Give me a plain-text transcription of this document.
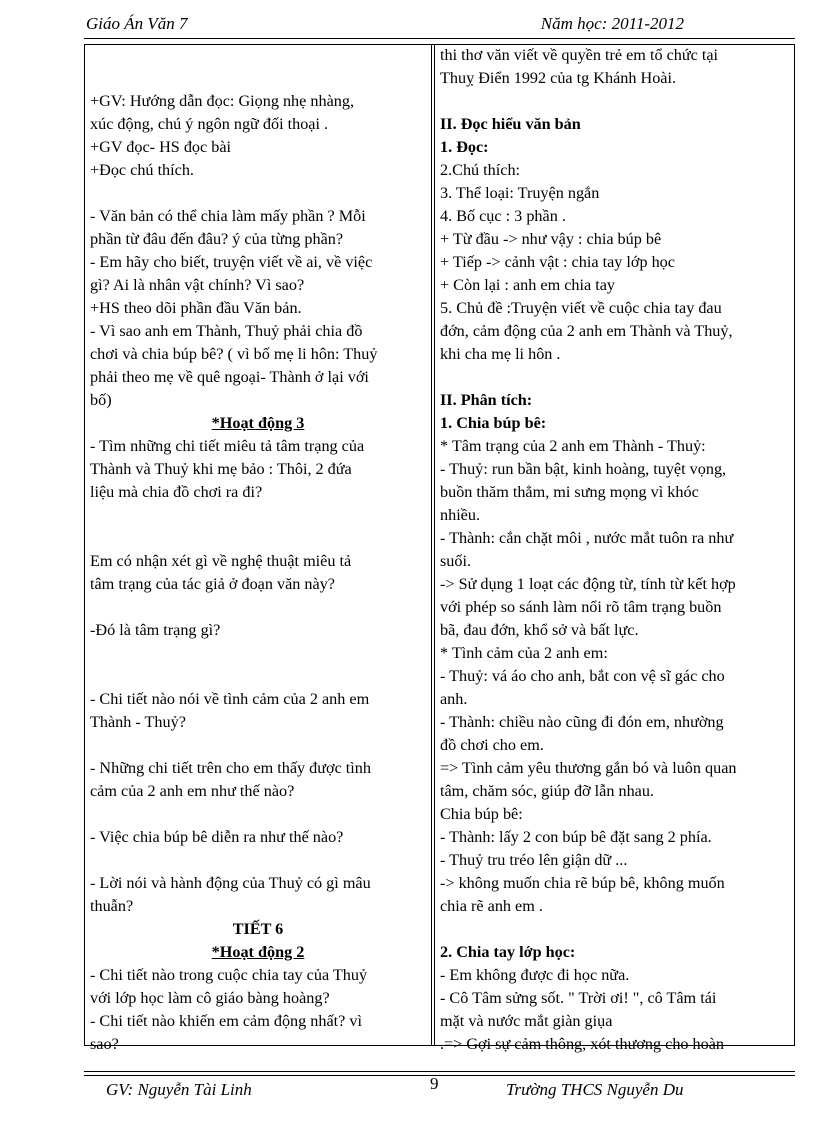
Giáo Án Văn 7	Năm học: 2011-2012
+GV: Hướng dẫn đọc: Giọng nhẹ nhàng,
xúc động, chú ý ngôn ngữ đối thoại .
+GV đọc- HS đọc bài
+Đọc chú thích.
- Văn bản có thể chia làm mấy phần ? Mỗi
phần từ đâu đến đâu? ý của từng phần?
- Em hãy cho biết, truyện viết về ai, về việc
gì? Ai là nhân vật chính? Vì sao?
+HS theo dõi phần đầu Văn bản.
- Vì sao anh em Thành, Thuỷ phải chia đồ
chơi và chia búp bê? ( vì bố mẹ li hôn: Thuỷ
phải theo mẹ về quê ngoại- Thành ở lại với
bố)
*Hoạt động 3
- Tìm những chi tiết miêu tả tâm trạng của
Thành và Thuỷ khi mẹ bảo : Thôi, 2 đứa
liệu mà chia đồ chơi ra đi?
Em có nhận xét gì về nghệ thuật miêu tả
tâm trạng của tác giả ở đoạn văn này?
-Đó là tâm trạng gì?
- Chi tiết nào nói về tình cảm của 2 anh em
Thành - Thuỷ?
- Những chi tiết trên cho em thấy được tình
cảm của 2 anh em như thế nào?
- Việc chia búp bê diễn ra như thế nào?
- Lời nói và hành động của Thuỷ có gì mâu
thuẫn?
TIẾT 6
*Hoạt động 2
- Chi tiết nào trong cuộc chia tay của Thuỷ
với lớp học làm cô giáo bàng hoàng?
- Chi tiết nào khiến em cảm động nhất? vì
sao?
thi thơ văn viết về quyền trẻ em tổ chức tại
Thuỵ Điển 1992 của tg Khánh Hoài.
II. Đọc hiểu văn bản
1. Đọc:
2.Chú thích:
3. Thể loại: Truyện ngắn
4. Bố cục : 3 phần .
+ Từ đầu -> như vậy : chia búp bê
+ Tiếp -> cảnh vật : chia tay lớp học
+ Còn lại : anh em chia tay
5. Chủ đề :Truyện viết về cuộc chia tay đau
đớn, cảm động của 2 anh em Thành và Thuỷ,
khi cha mẹ li hôn .
II. Phân tích:
1. Chia búp bê:
* Tâm trạng của 2 anh em Thành - Thuỷ:
- Thuỷ: run bần bật, kinh hoàng, tuyệt vọng,
buồn thăm thẳm, mi sưng mọng vì khóc
nhiều.
- Thành: cắn chặt môi , nước mắt tuôn ra như
suối.
-> Sử dụng 1 loạt các động từ, tính từ kết hợp
với phép so sánh làm nổi rõ tâm trạng buồn
bã, đau đớn, khổ sở và bất lực.
* Tình cảm của 2 anh em:
- Thuỷ: vá áo cho anh, bắt con vệ sĩ gác cho
anh.
- Thành: chiều nào cũng đi đón em, nhường
đồ chơi cho em.
=> Tình cảm yêu thương gắn bó và luôn quan
tâm, chăm sóc, giúp đỡ lẫn nhau.
Chia búp bê:
- Thành: lấy 2 con búp bê đặt sang 2 phía.
- Thuỷ tru tréo lên giận dữ ...
-> không muốn chia rẽ búp bê, không muốn
chia rẽ anh em .
2. Chia tay lớp học:
- Em không được đi học nữa.
- Cô Tâm sửng sốt. " Trời ơi! ", cô Tâm tái
mặt và nước mắt giàn giụa
.=> Gợi sự cảm thông, xót thương cho hoàn
GV: Nguyễn Tài Linh	9	Trường THCS Nguyễn Du
